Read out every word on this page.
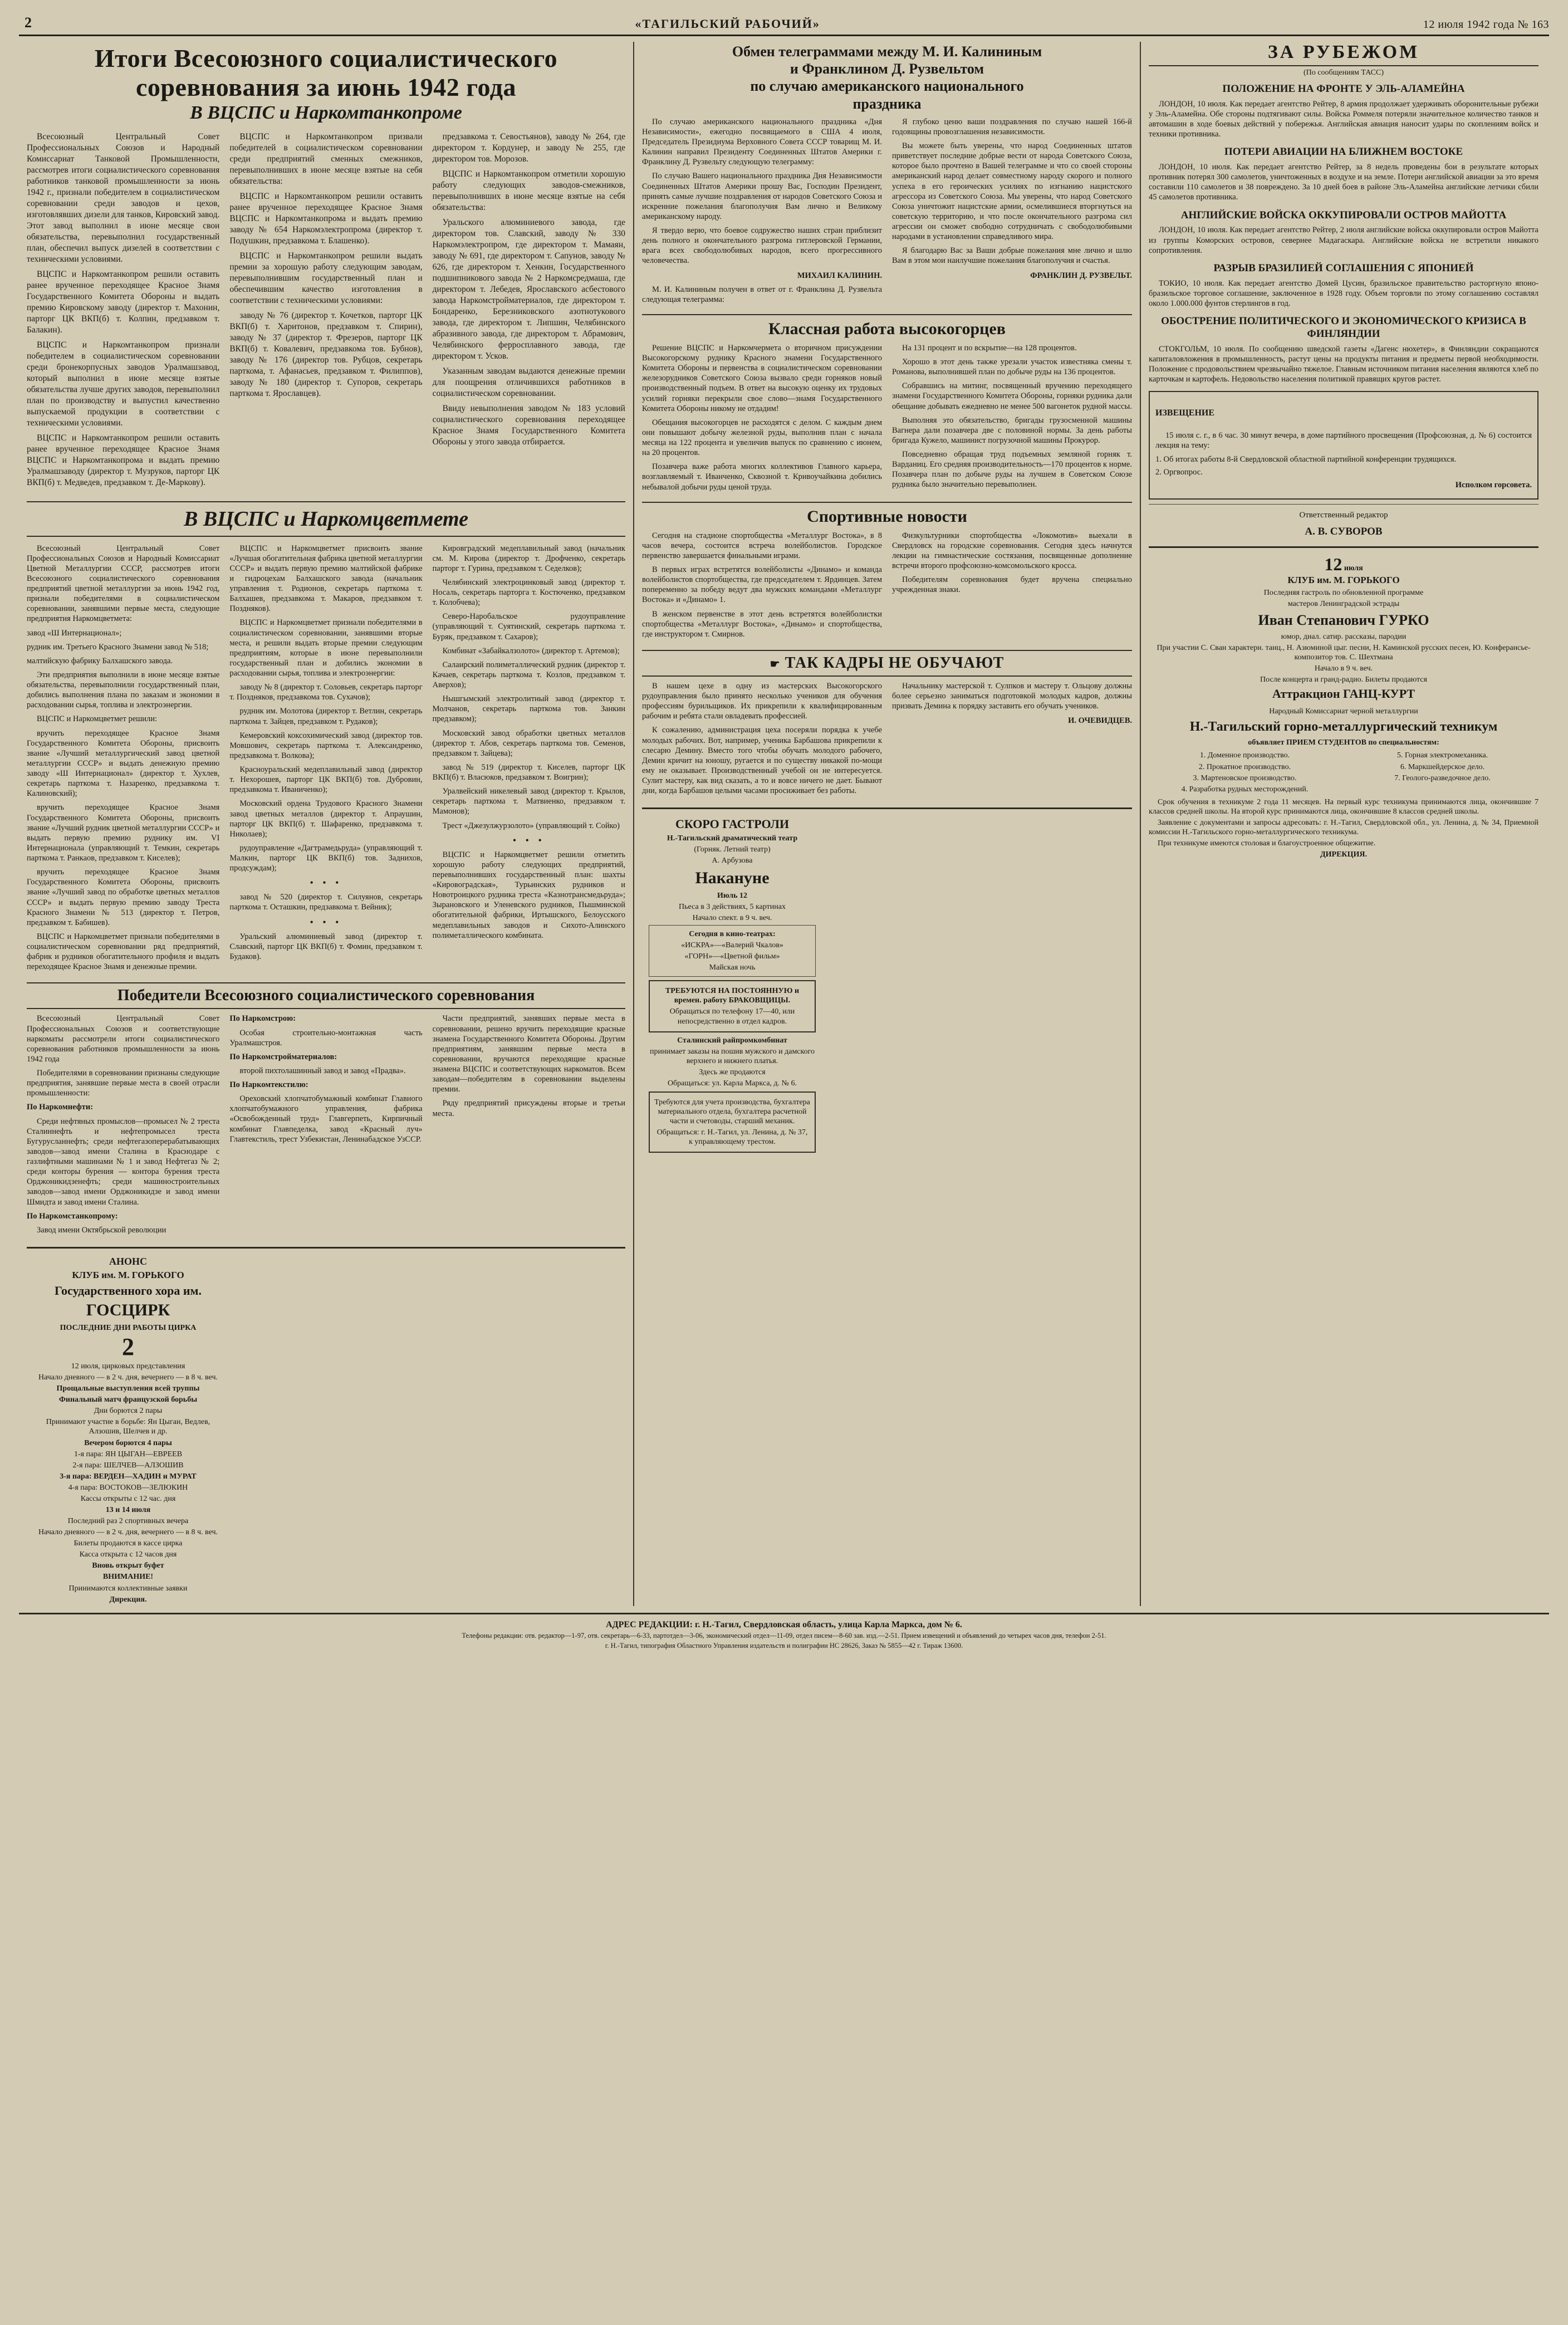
2	«ТАГИЛЬСКИЙ РАБОЧИЙ»	12 июля 1942 года № 163
Итоги Всесоюзного социалистического
соревнования за июнь 1942 года
В ВЦСПС и Наркомтанкопроме

Всесоюзный Центральный Совет Профессиональных Союзов и Народный Комиссариат Танковой Промышленности, рассмотрев итоги социалистического соревнования работников танковой промышленности за июнь 1942 г., признали победителем в социалистическом соревновании среди заводов и цехов, изготовлявших дизели для танков, Кировский завод. Этот завод выполнил в июне месяце свои обязательства, перевыполнил государственный план, обеспечил выпуск дизелей в соответствии с техническими условиями.

ВЦСПС и Наркомтанкопром решили оставить ранее врученное переходящее Красное Знамя Государственного Комитета Обороны и выдать премию Кировскому заводу (директор т. Махонин, парторг ЦК ВКП(б) т. Колпин, предзавком т. Балакин).

ВЦСПС и Наркомтанкопром признали победителем в социалистическом соревновании среди бронекорпусных заводов Уралмашзавод, который выполнил в июне месяце взятые обязательства лучше других заводов, перевыполнил план по производству и выпустил качественно выпускаемой продукции в соответствии с техническими условиями.

ВЦСПС и Наркомтанкопром решили оставить ранее врученное переходящее Красное Знамя ВЦСПС и Наркомтанкопрома и выдать премию Уралмашзаводу (директор т. Музруков, парторг ЦК ВКП(б) т. Медведев, предзавком т. Де-Маркову).

ВЦСПС и Наркомтанкопром призвали победителей в социалистическом соревновании среди предприятий сменных смежников, перевыполнивших в июне месяце взятые на себя обязательства:

ВЦСПС и Наркомтанкопром решили оставить ранее врученное переходящее Красное Знамя ВЦСПС и Наркомтанкопрома и выдать премию заводу № 654 Наркомэлектропрома (директор т. Подушкин, предзавкома т. Блашенко).

ВЦСПС и Наркомтанкопром решили выдать премии за хорошую работу следующим заводам, перевыполнившим государственный план и обеспечившим качество изготовления в соответствии с техническими условиями:

заводу № 76 (директор т. Кочетков, парторг ЦК ВКП(б) т. Харитонов, предзавком т. Спирин), заводу № 37 (директор т. Фрезеров, парторг ЦК ВКП(б) т. Ковалевич, предзавкома тов. Бубнов), заводу № 176 (директор тов. Рубцов, секретарь парткома, т. Афанасьев, предзавком т. Филиппов), заводу № 180 (директор т. Супоров, секретарь парткома т. Ярославцев).

предзавкома т. Севостьянов), заводу № 264, где директором т. Кордунер, и заводу № 255, где директором тов. Морозов.

ВЦСПС и Наркомтанкопром отметили хорошую работу следующих заводов-смежников, перевыполнивших в июне месяце взятые на себя обязательства:

Уральского алюминиевого завода, где директором тов. Славский, заводу № 330 Наркомэлектропром, где директором т. Мамаян, заводу № 691, где директором т. Сапунов, заводу № 626, где директором т. Хенкин, Государственного подшипникового завода № 2 Наркомсредмаша, где директором т. Лебедев, Ярославского асбестового завода Наркомстройматериалов, где директором т. Бондаренко, Березниковского азотнотукового завода, где директором т. Липшин, Челябинского абразивного завода, где директором т. Абрамович, Челябинского ферросплавного завода, где директором т. Усков.

Указанным заводам выдаются денежные премии для поощрения отличившихся работников в социалистическом соревновании.

Ввиду невыполнения заводом № 183 условий социалистического соревнования переходящее Красное Знамя Государственного Комитета Обороны у этого завода отбирается.

В ВЦСПС и Наркомцветмете

Всесоюзный Центральный Совет Профессиональных Союзов и Народный Комиссариат Цветной Металлургии СССР, рассмотрев итоги Всесоюзного социалистического соревнования предприятий цветной металлургии за июнь 1942 год, признали победителями в социалистическом соревновании, занявшими первые места, следующие предприятия Наркомцветмета:

завод «Ш Интернационал»;

рудник им. Третьего Красного Знамени завод № 518;

малтийскую фабрику Балхашского завода.

Эти предприятия выполнили в июне месяце взятые обязательства, перевыполнили государственный план, добились выполнения плана по заказам и экономии в расходовании сырья, топлива и электроэнергии.

ВЦСПС и Наркомцветмет решили:

вручить переходящее Красное Знамя Государственного Комитета Обороны, присвоить звание «Лучший металлургический завод цветной металлургии СССР» и выдать денежную премию заводу «Ш Интернационал» (директор т. Хухлев, секретарь парткома т. Назаренко, предзавкома т. Калиновский);

вручить переходящее Красное Знамя Государственного Комитета Обороны, присвоить звание «Лучший рудник цветной металлургии СССР» и выдать первую премию руднику им. VI Интернационала (управляющий т. Темкин, секретарь парткома т. Ранкаов, предзавком т. Киселев);

вручить переходящее Красное Знамя Государственного Комитета Обороны, присвоить звание «Лучший завод по обработке цветных металлов СССР» и выдать первую премию заводу Треста Красного Знамени № 513 (директор т. Петров, предзавком т. Бабишев).

ВЦСПС и Наркомцветмет признали победителями в социалистическом соревновании ряд предприятий, фабрик и рудников обогатительного профиля и выдать переходящее Красное Знамя и денежные премии.

ВЦСПС и Наркомцветмет присвоить звание «Лучшая обогатительная фабрика цветной металлургии СССР» и выдать первую премию малтийской фабрике и гидроцехам Балхашского завода (начальник управления т. Родионов, секретарь парткома т. Балхашев, предзавкома т. Макаров, предзавком т. Поздняков).

ВЦСПС и Наркомцветмет признали победителями в социалистическом соревновании, занявшими вторые места, и решили выдать вторые премии следующим предприятиям, которые в июне перевыполнили государственный план и добились экономии в расходовании сырья, топлива и электроэнергии:

заводу № 8 (директор т. Соловьев, секретарь парторг т. Поздняков, предзавкома тов. Сухачов);

рудник им. Молотова (директор т. Ветлин, секретарь парткома т. Зайцев, предзавком т. Рудаков);

Кемеровский коксохимический завод (директор тов. Мовшович, секретарь парткома т. Александренко, предзавкома т. Волкова);

Красноуральский медеплавильный завод (директор т. Нехорошев, парторг ЦК ВКП(б) тов. Дубровин, предзавкома т. Иваниченко);

Московский ордена Трудового Красного Знамени завод цветных металлов (директор т. Апраушин, парторг ЦК ВКП(б) т. Шафаренко, предзавкома т. Николаев);

рудоуправление «Дагтрамедьруда» (управляющий т. Малкин, парторг ЦК ВКП(б) тов. Заднихов, продсуждам);

• • •

завод № 520 (директор т. Силуянов, секретарь парткома т. Осташкин, предзавкома т. Вейник);

• • •

Уральский алюминиевый завод (директор т. Славский, парторг ЦК ВКП(б) т. Фомин, предзавком т. Будаков).

Кировградский медеплавильный завод (начальник см. М. Кирова (директор т. Дрофченко, секретарь парторг т. Гурина, предзавком т. Седелков);

Челябинский электроцинковый завод (директор т. Носаль, секретарь парторга т. Костюченко, предзавком т. Колобчева);

Северо-Наробальское рудоуправление (управляющий т. Суятинский, секретарь парткома т. Буряк, предзавком т. Сахаров);

Комбинат «Забайкалзолото» (директор т. Артемов);

Салаирский полиметаллический рудник (директор т. Качаев, секретарь парткома т. Козлов, предзавком т. Аверхов);

Нышгымский электролитный завод (директор т. Молчанов, секретарь парткома тов. Занкин предзавком);

Московский завод обработки цветных металлов (директор т. Абов, секретарь парткома тов. Семенов, предзавком т. Зайцева);

завод № 519 (директор т. Киселев, парторг ЦК ВКП(б) т. Власюков, предзавком т. Воигрин);

Уралвейский никелевый завод (директор т. Крылов, секретарь парткома т. Матвиенко, предзавком т. Мамонов);

Трест «Джезулжурзолото» (управляющий т. Сойко)

• • •

ВЦСПС и Наркомцветмет решили отметить хорошую работу следующих предприятий, перевыполнивших государственный план: шахты «Кировоградская», Турьинских рудников и Новотроицкого рудника треста «Казнотрансмедьруда»; Зырановского и Уленевского рудников, Пышминской обогатительной фабрики, Иртышского, Белоусского медеплавильных заводов и Сихото-Алинского полиметаллического комбината.

Победители Всесоюзного социалистического соревнования

Всесоюзный Центральный Совет Профессиональных Союзов и соответствующие наркоматы рассмотрели итоги социалистического соревнования работников промышленности за июнь 1942 года

Победителями в соревновании признаны следующие предприятия, занявшие первые места в своей отрасли промышленности:

По Наркомнефти:

Среди нефтяных промыслов—промысел № 2 треста Сталиннефть и нефтепромысел треста Бугурусланнефть; среди нефтегазоперерабатывающих заводов—завод имени Сталина в Краснодаре с газлифтными машинами № 1 и завод Нефтегаз № 2; среди конторы бурения — контора бурения треста Орджоникидзенефть; среди машиностроительных заводов—завод имени Орджоникидзе и завод имени Шмидта и завод имени Сталина.

По Наркомстанкопрому:

Завод имени Октябрьской революции

По Наркомстрою:

Особая строительно-монтажная часть Уралмашстроя.

По Наркомстройматериалов:

второй пихтолашинный завод и завод «Прадва».

По Наркомтекстилю:

Ореховский хлопчатобумажный комбинат Главного хлопчатобумажного управления, фабрика «Освобожденный труд» Главгерпеть, Кирпичный комбинат Главпеделка, завод «Красный луч» Главтекстиль, трест Узбекистан, Ленинабадское УзССР.

Части предприятий, занявших первые места в соревновании, решено вручить переходящие красные знамена Государственного Комитета Обороны. Другим предприятиям, занявшим первые места в соревновании, вручаются переходящие красные знамена ВЦСПС и соответствующих наркоматов. Всем заводам—победителям в соревновании выделены премии.

Ряду предприятий присуждены вторые и третьи места.

АНОНС

КЛУБ им. М. ГОРЬКОГО

Государственного хора им.
ГОСЦИРК

ПОСЛЕДНИЕ ДНИ РАБОТЫ ЦИРКА

2

12 июля, цирковых представления

Начало дневного — в 2 ч. дня, вечернего — в 8 ч. веч.

Прощальные выступления всей труппы

Финальный матч французской борьбы

Дни борются 2 пары

Принимают участие в борьбе: Ян Цыган, Ведлев, Алзошив, Шелчев и др.

Вечером борются 4 пары

1-я пара: ЯН ЦЫГАН—ЕВРЕЕВ

2-я пара: ШЕЛЧЕВ—АЛЗОШИВ

3-я пара: ВЕРДЕН—ХАДИН и МУРАТ

4-я пара: ВОСТОКОВ—ЗЕЛЮКИН

Кассы открыты с 12 час. дня

13 и 14 июля

Последний раз 2 спортивных вечера

Начало дневного — в 2 ч. дня, вечернего — в 8 ч. веч.

Билеты продаются в кассе цирка

Касса открыта с 12 часов дня

Вновь открыт буфет

ВНИМАНИЕ!

Принимаются коллективные заявки

Дирекция.

Обмен телеграммами между М. И. Калининым
и Франклином Д. Рузвельтом
по случаю американского национального
праздника

По случаю американского национального праздника «Дня Независимости», ежегодно посвящаемого в США 4 июля, Председатель Президиума Верховного Совета СССР товарищ М. И. Калинин направил Президенту Соединенных Штатов Америки г. Франклину Д. Рузвельту следующую телеграмму:

По случаю Вашего национального праздника Дня Независимости Соединенных Штатов Америки прошу Вас, Господин Президент, принять самые лучшие поздравления от народов Советского Союза и искренние пожелания благополучия Вам лично и Великому американскому народу.

Я твердо верю, что боевое содружество наших стран приблизит день полного и окончательного разгрома гитлеровской Германии, врага всех свободолюбивых народов, всего прогрессивного человечества.

МИХАИЛ КАЛИНИН.

М. И. Калининым получен в ответ от г. Франклина Д. Рузвельта следующая телеграмма:

Я глубоко ценю ваши поздравления по случаю нашей 166-й годовщины провозглашения независимости.

Вы можете быть уверены, что народ Соединенных штатов приветствует последние добрые вести от народа Советского Союза, которое было прочтено в Вашей телеграмме и что со своей стороны американский народ делает совместному народу скорого и полного успеха в его героических усилиях по изгнанию нацистского агрессора из Советского Союза. Мы уверены, что народ Советского Союза уничтожит нацистские армии, осмелившиеся вторгнуться на советскую территорию, и что после окончательного разгрома сил агрессии он сможет свободно сотрудничать с свободолюбивыми народами в установлении справедливого мира.

Я благодарю Вас за Ваши добрые пожелания мне лично и шлю Вам в этом мои наилучшие пожелания благополучия и счастья.

ФРАНКЛИН Д. РУЗВЕЛЬТ.

Классная работа высокогорцев

Решение ВЦСПС и Наркомчермета о вторичном присуждении Высокогорскому руднику Красного знамени Государственного Комитета Обороны и первенства в социалистическом соревновании железорудников Советского Союза вызвало среди горняков новый производственный подъем. В ответ на высокую оценку их трудовых усилий горняки перекрыли свое слово—знамя Государственного Комитета Обороны никому не отдадим!

Обещания высокогорцев не расходятся с делом. С каждым днем они повышают добычу железной руды, выполнив план с начала месяца на 122 процента и увеличив выпуск по сравнению с июнем, на 20 процентов.

Позавчера важе работа многих коллективов Главного карьера, возглавляемый т. Иванченко, Сквозной т. Кривоучайкина добились небывалой добычи руды ценой труда.

На 131 процент и по вскрытие—на 128 процентов.

Хорошо в этот день также урезали участок известняка смены т. Романова, выполнившей план по добыче руды на 136 процентов.

Собравшись на митинг, посвященный вручению переходящего знамени Государственного Комитета Обороны, горняки рудника дали обещание добывать ежедневно не менее 500 вагонеток рудной массы.

Выполняя это обязательство, бригады грузосменной машины Вагнера дали позавчера две с половиной нормы. За день работы бригада Кужело, машинист погрузочной машины Прокурор.

Повседневно обращая труд подъемных земляной горняк т. Варданиц. Его средняя производительность—170 процентов к норме. Позавчера план по добыче руды на лучшем в Советском Союзе рудника было значительно перевыполнен.

Спортивные новости

Сегодня на стадионе спортобщества «Металлург Востока», в 8 часов вечера, состоится встреча волейболистов. Городское первенство завершается финальными играми.

В первых играх встретятся волейболисты «Динамо» и команда волейболистов спортобщества, где председателем т. Ярдинцев. Затем попеременно за победу ведут два мужских командами «Металлург Востока» и «Динамо» 1.

В женском первенстве в этот день встретятся волейболистки спортобщества «Металлург Востока», «Динамо» и спортобщества, где инструктором т. Смирнов.

Физкультурники спортобщества «Локомотив» выехали в Свердловск на городские соревнования. Сегодня здесь начнутся лекции на гимнастические состязания, посвященные дополнение встречи второго профсоюзно-комсомольского кросса.

Победителям соревнования будет вручена специально учрежденная знаки.

☛ ТАК КАДРЫ НЕ ОБУЧАЮТ

В нашем цехе в одну из мастерских Высокогорского рудоуправления было принято несколько учеников для обучения профессиям бурильщиков. Их прикрепили к квалифицированным рабочим и ребята стали овладевать профессией.

К сожалению, администрация цеха посеряли порядка к учебе молодых рабочих. Вот, например, ученика Барбашова прикрепили к слесарю Демину. Вместо того чтобы обучать молодого рабочего, Демин кричит на юношу, ругается и по существу никакой по-мощи ему не оказывает. Производственный учебой он не интересуется. Сулит мастеру, как вид сказать, а то и вовсе ничего не дает. Бывают дни, когда Барбашов целыми часами просиживает без работы.

Начальнику мастерской т. Сулпков и мастеру т. Ольцову должны более серьезно заниматься подготовкой молодых кадров, должны призвать Демина к порядку заставить его обучать учеников.

И. ОЧЕВИДЦЕВ.

СКОРО ГАСТРОЛИ

Н.-Тагильский драматический театр

(Горняк. Летний театр)

А. Арбузова

Накануне

Июль 12

Пьеса в 3 действиях, 5 картинах

Начало спект. в 9 ч. веч.

Сегодня в кино-театрах:

«ИСКРА»—«Валерий Чкалов»

«ГОРН»—«Цветной фильм»

Майская ночь

ТРЕБУЮТСЯ НА ПОСТОЯННУЮ и времен. работу БРАКОВЩИЦЫ.

Обращаться по телефону 17—40, или непосредственно в отдел кадров.

Сталинский райпромкомбинат

принимает заказы на пошив мужского и дамского верхнего и нижнего платья.

Здесь же продаются

Обращаться: ул. Карла Маркса, д. № 6.

Требуются для учета производства, бухгалтера материального отдела, бухгалтера расчетной части и счетоводы, старший механик.

Обращаться: г. Н.-Тагил, ул. Ленина, д. № 37, к управляющему трестом.

ЗА РУБЕЖОМ
(По сообщениям ТАСС)
ПОЛОЖЕНИЕ НА ФРОНТЕ У ЭЛЬ-АЛАМЕЙНА

ЛОНДОН, 10 июля. Как передает агентство Рейтер, 8 армия продолжает удерживать оборонительные рубежи у Эль-Аламейна. Обе стороны подтягивают силы. Войска Роммеля потеряли значительное количество танков и автомашин в ходе боевых действий у побережья. Английская авиация наносит удары по скоплениям войск и техники противника.

ПОТЕРИ АВИАЦИИ НА БЛИЖНЕМ ВОСТОКЕ

ЛОНДОН, 10 июля. Как передает агентство Рейтер, за 8 недель проведены бои в результате которых противник потерял 300 самолетов, уничтоженных в воздухе и на земле. Потери английской авиации за это время составили 110 самолетов и 38 повреждено. За 10 дней боев в районе Эль-Аламейна английские летчики сбили 45 самолетов противника.

АНГЛИЙСКИЕ ВОЙСКА ОККУПИРОВАЛИ ОСТРОВ МАЙОТТА

ЛОНДОН, 10 июля. Как передает агентство Рейтер, 2 июля английские войска оккупировали остров Майотта из группы Коморских островов, севернее Мадагаскара. Английские войска не встретили никакого сопротивления.

РАЗРЫВ БРАЗИЛИЕЙ СОГЛАШЕНИЯ С ЯПОНИЕЙ

ТОКИО, 10 июля. Как передает агентство Домей Цусин, бразильское правительство расторгнуло японо-бразильское торговое соглашение, заключенное в 1928 году. Объем торговли по этому соглашению составлял около 1.000.000 фунтов стерлингов в год.

ОБОСТРЕНИЕ ПОЛИТИЧЕСКОГО И ЭКОНОМИЧЕСКОГО КРИЗИСА В ФИНЛЯНДИИ

СТОКГОЛЬМ, 10 июля. По сообщению шведской газеты «Дагенс нюхетер», в Финляндии сокращаются капиталовложения в промышленность, растут цены на продукты питания и предметы первой необходимости. Положение с продовольствием чрезвычайно тяжелое. Главным источником питания населения являются хлеб по карточкам и картофель. Недовольство населения политикой правящих кругов растет.

ИЗВЕЩЕНИЕ

15 июля с. г., в 6 час. 30 минут вечера, в доме партийного просвещения (Профсоюзная, д. № 6) состоится лекция на тему:

1. Об итогах работы 8-й Свердловской областной партийной конференции трудящихся.

2. Оргвопрос.

Исполком горсовета.

Ответственный редактор

А. В. СУВОРОВ

12 июля

КЛУБ им. М. ГОРЬКОГО

Последняя гастроль по обновленной программе

мастеров Ленинградской эстрады

Иван Степанович ГУРКО

юмор, диал. сатир. рассказы, пародии

При участии С. Сван характерн. танц., Н. Азюминой цыг. песни, Н. Каминской русских песен, Ю. Конферансье-композитор тов. С. Шехтмана

Начало в 9 ч. веч.

После концерта и гранд-радио. Билеты продаются

Аттракцион ГАНЦ-КУРТ

Народный Комиссариат черной металлургии

Н.-Тагильский горно-металлургический техникум

объявляет ПРИЕМ СТУДЕНТОВ по специальностям:

1. Доменное производство.

2. Прокатное производство.

3. Мартеновское производство.

4. Разработка рудных месторождений.

5. Горная электромеханика.

6. Маркшейдерское дело.

7. Геолого-разведочное дело.

Срок обучения в техникуме 2 года 11 месяцев. На первый курс техникума принимаются лица, окончившие 7 классов средней школы. На второй курс принимаются лица, окончившие 8 классов средней школы.

Заявление с документами и запросы адресовать: г. Н.-Тагил, Свердловской обл., ул. Ленина, д. № 34, Приемной комиссии Н.-Тагильского горно-металлургического техникума.

При техникуме имеются столовая и благоустроенное общежитие.

ДИРЕКЦИЯ.

АДРЕС РЕДАКЦИИ: г. Н.-Тагил, Свердловская область, улица Карла Маркса, дом № 6.
Телефоны редакции: отв. редактор—1-97, отв. секретарь—6-33, партотдел—3-06, экономический отдел—11-09, отдел писем—8-60 зав. изд.—2-51. Прием извещений и объявлений до четырех часов дня, телефон 2-51.
г. Н.-Тагил, типография Областного Управления издательств и полиграфии НС 28626, Заказ № 5855—42 г. Тираж 13600.
